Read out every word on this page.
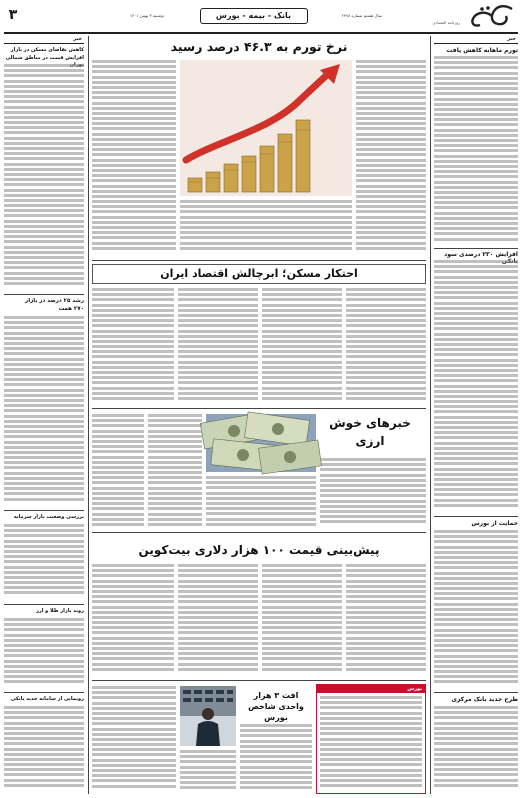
روزنامه اقتصادی
بانک - بیمه - بورس	سال هشتم شماره ۲۴۷۸
دوشنبه ۳ بهمن ۱۴۰۱
۳
خبر
تورم ماهانه کاهش یافت
افزایش ۲۳۰ درصدی سود
حمایت از بورس
طرح جدید بانک مرکزی
خبر
کاهش تقاضای مسکن در بازار
افزایش قیمت در مناطق شمالی
رشد ۲۵ درصد در بازار
۲۷۰ همت
بررسی وضعیت بازار سرمایه
روند بازار طلا و ارز
رونمایی از سامانه جدید بانکی
نرخ تورم به ۴۶.۳ درصد رسید
احتکار مسکن؛ ابرچالش اقتصاد ایران
خبرهای خوش ارزی
پیش‌بینی قیمت ۱۰۰ هزار دلاری بیت‌کوین
بورس
افت ۳ هزار واحدی شاخص بورس
